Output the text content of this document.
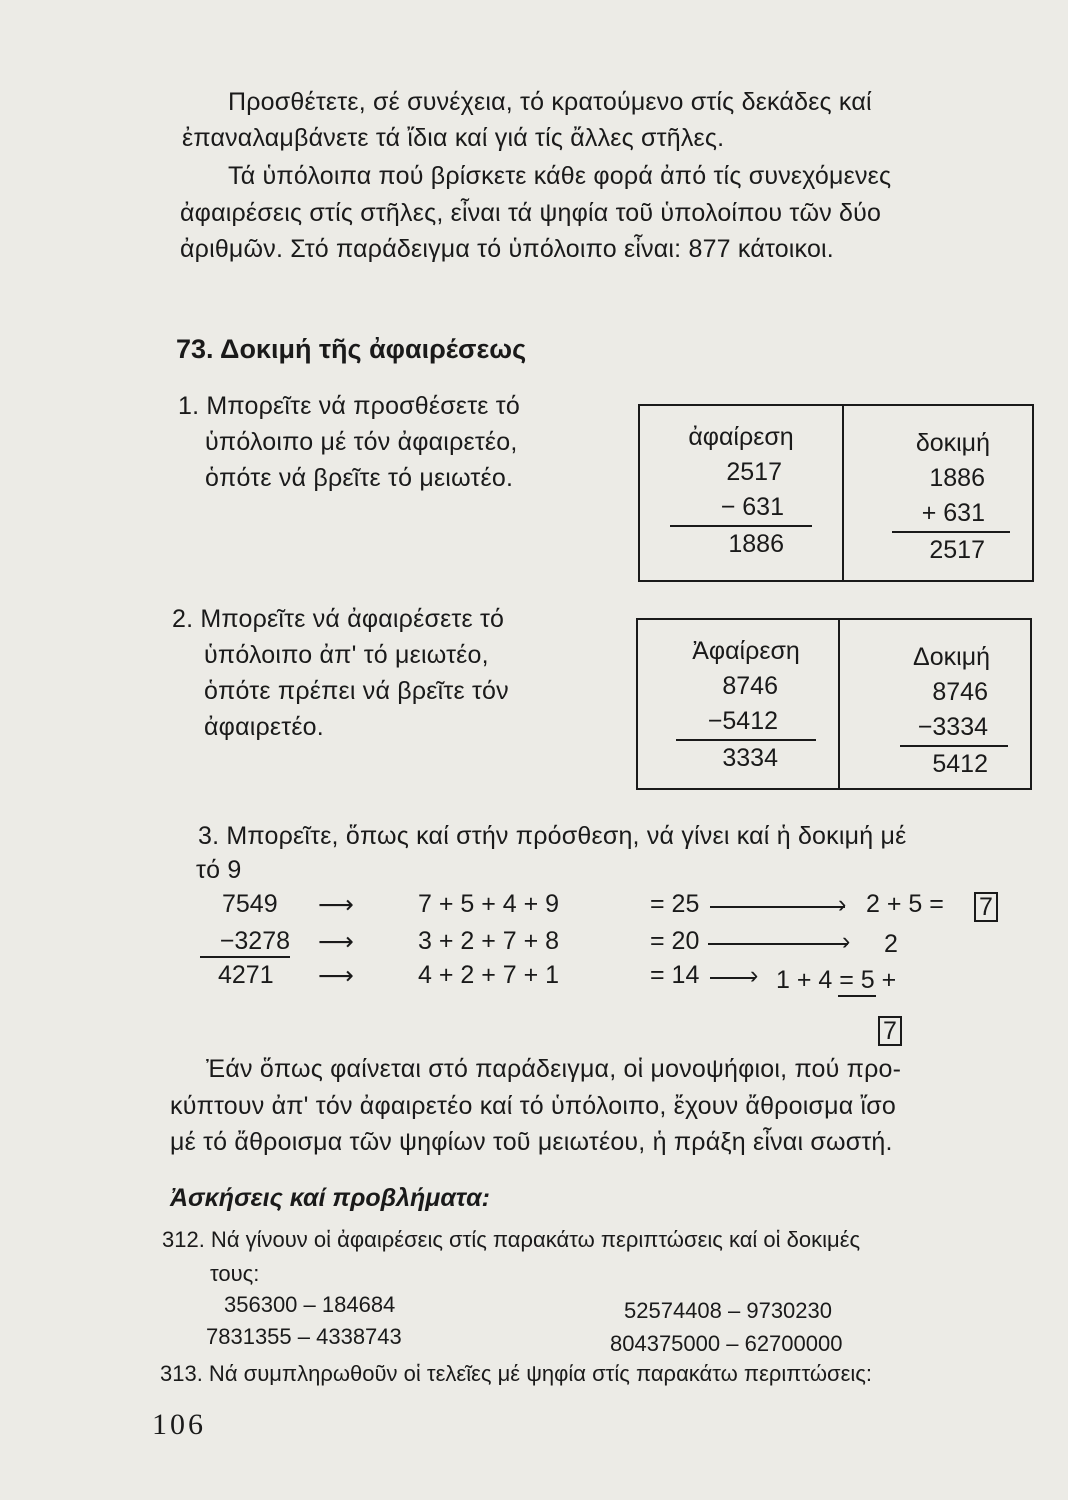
Προσθέτετε, σέ συνέχεια, τό κρατούμενο στίς δεκάδες καί
ἐπαναλαμβάνετε τά ἴδια καί γιά τίς ἄλλες στῆλες.
Τά ὑπόλοιπα πού βρίσκετε κάθε φορά ἀπό τίς συνεχόμενες
ἀφαιρέσεις στίς στῆλες, εἶναι τά ψηφία τοῦ ὑπολοίπου τῶν δύο
ἀριθμῶν. Στό παράδειγμα τό ὑπόλοιπο εἶναι: 877 κάτοικοι.
73. Δοκιμή τῆς ἀφαιρέσεως
1. Μπορεῖτε νά προσθέσετε τό
ὑπόλοιπο μέ τόν ἀφαιρετέο,
ὁπότε νά βρεῖτε τό μειωτέο.
ἀφαίρεση
2517
− 631
1886
δοκιμή
1886
+ 631
2517
2. Μπορεῖτε νά ἀφαιρέσετε τό
ὑπόλοιπο ἀπ' τό μειωτέο,
ὁπότε πρέπει νά βρεῖτε τόν
ἀφαιρετέο.
Ἀφαίρεση
8746
−5412
3334
Δοκιμή
8746
−3334
5412
3. Μπορεῖτε, ὅπως καί στήν πρόσθεση, νά γίνει καί ἡ δοκιμή μέ
τό 9
7549 ⟶	7 + 5 + 4 + 9	= 25	› 2 + 5 = 7
−3278 ⟶	3 + 2 + 7 + 8	= 20	› 2
4271 ⟶	4 + 2 + 7 + 1	= 14 › 1 + 4 = 5 +
7
Ἐάν ὅπως φαίνεται στό παράδειγμα, οἱ μονοψήφιοι, πού προ-
κύπτουν ἀπ' τόν ἀφαιρετέο καί τό ὑπόλοιπο, ἔχουν ἄθροισμα ἴσο
μέ τό ἄθροισμα τῶν ψηφίων τοῦ μειωτέου, ἡ πράξη εἶναι σωστή.
Ἀσκήσεις καί προβλήματα:
312. Νά γίνουν οἱ ἀφαιρέσεις στίς παρακάτω περιπτώσεις καί οἱ δοκιμές
τους:
356300 – 184684	52574408 – 9730230
7831355 – 4338743	804375000 – 62700000
313. Νά συμπληρωθοῦν οἱ τελεῖες μέ ψηφία στίς παρακάτω περιπτώσεις:
106
